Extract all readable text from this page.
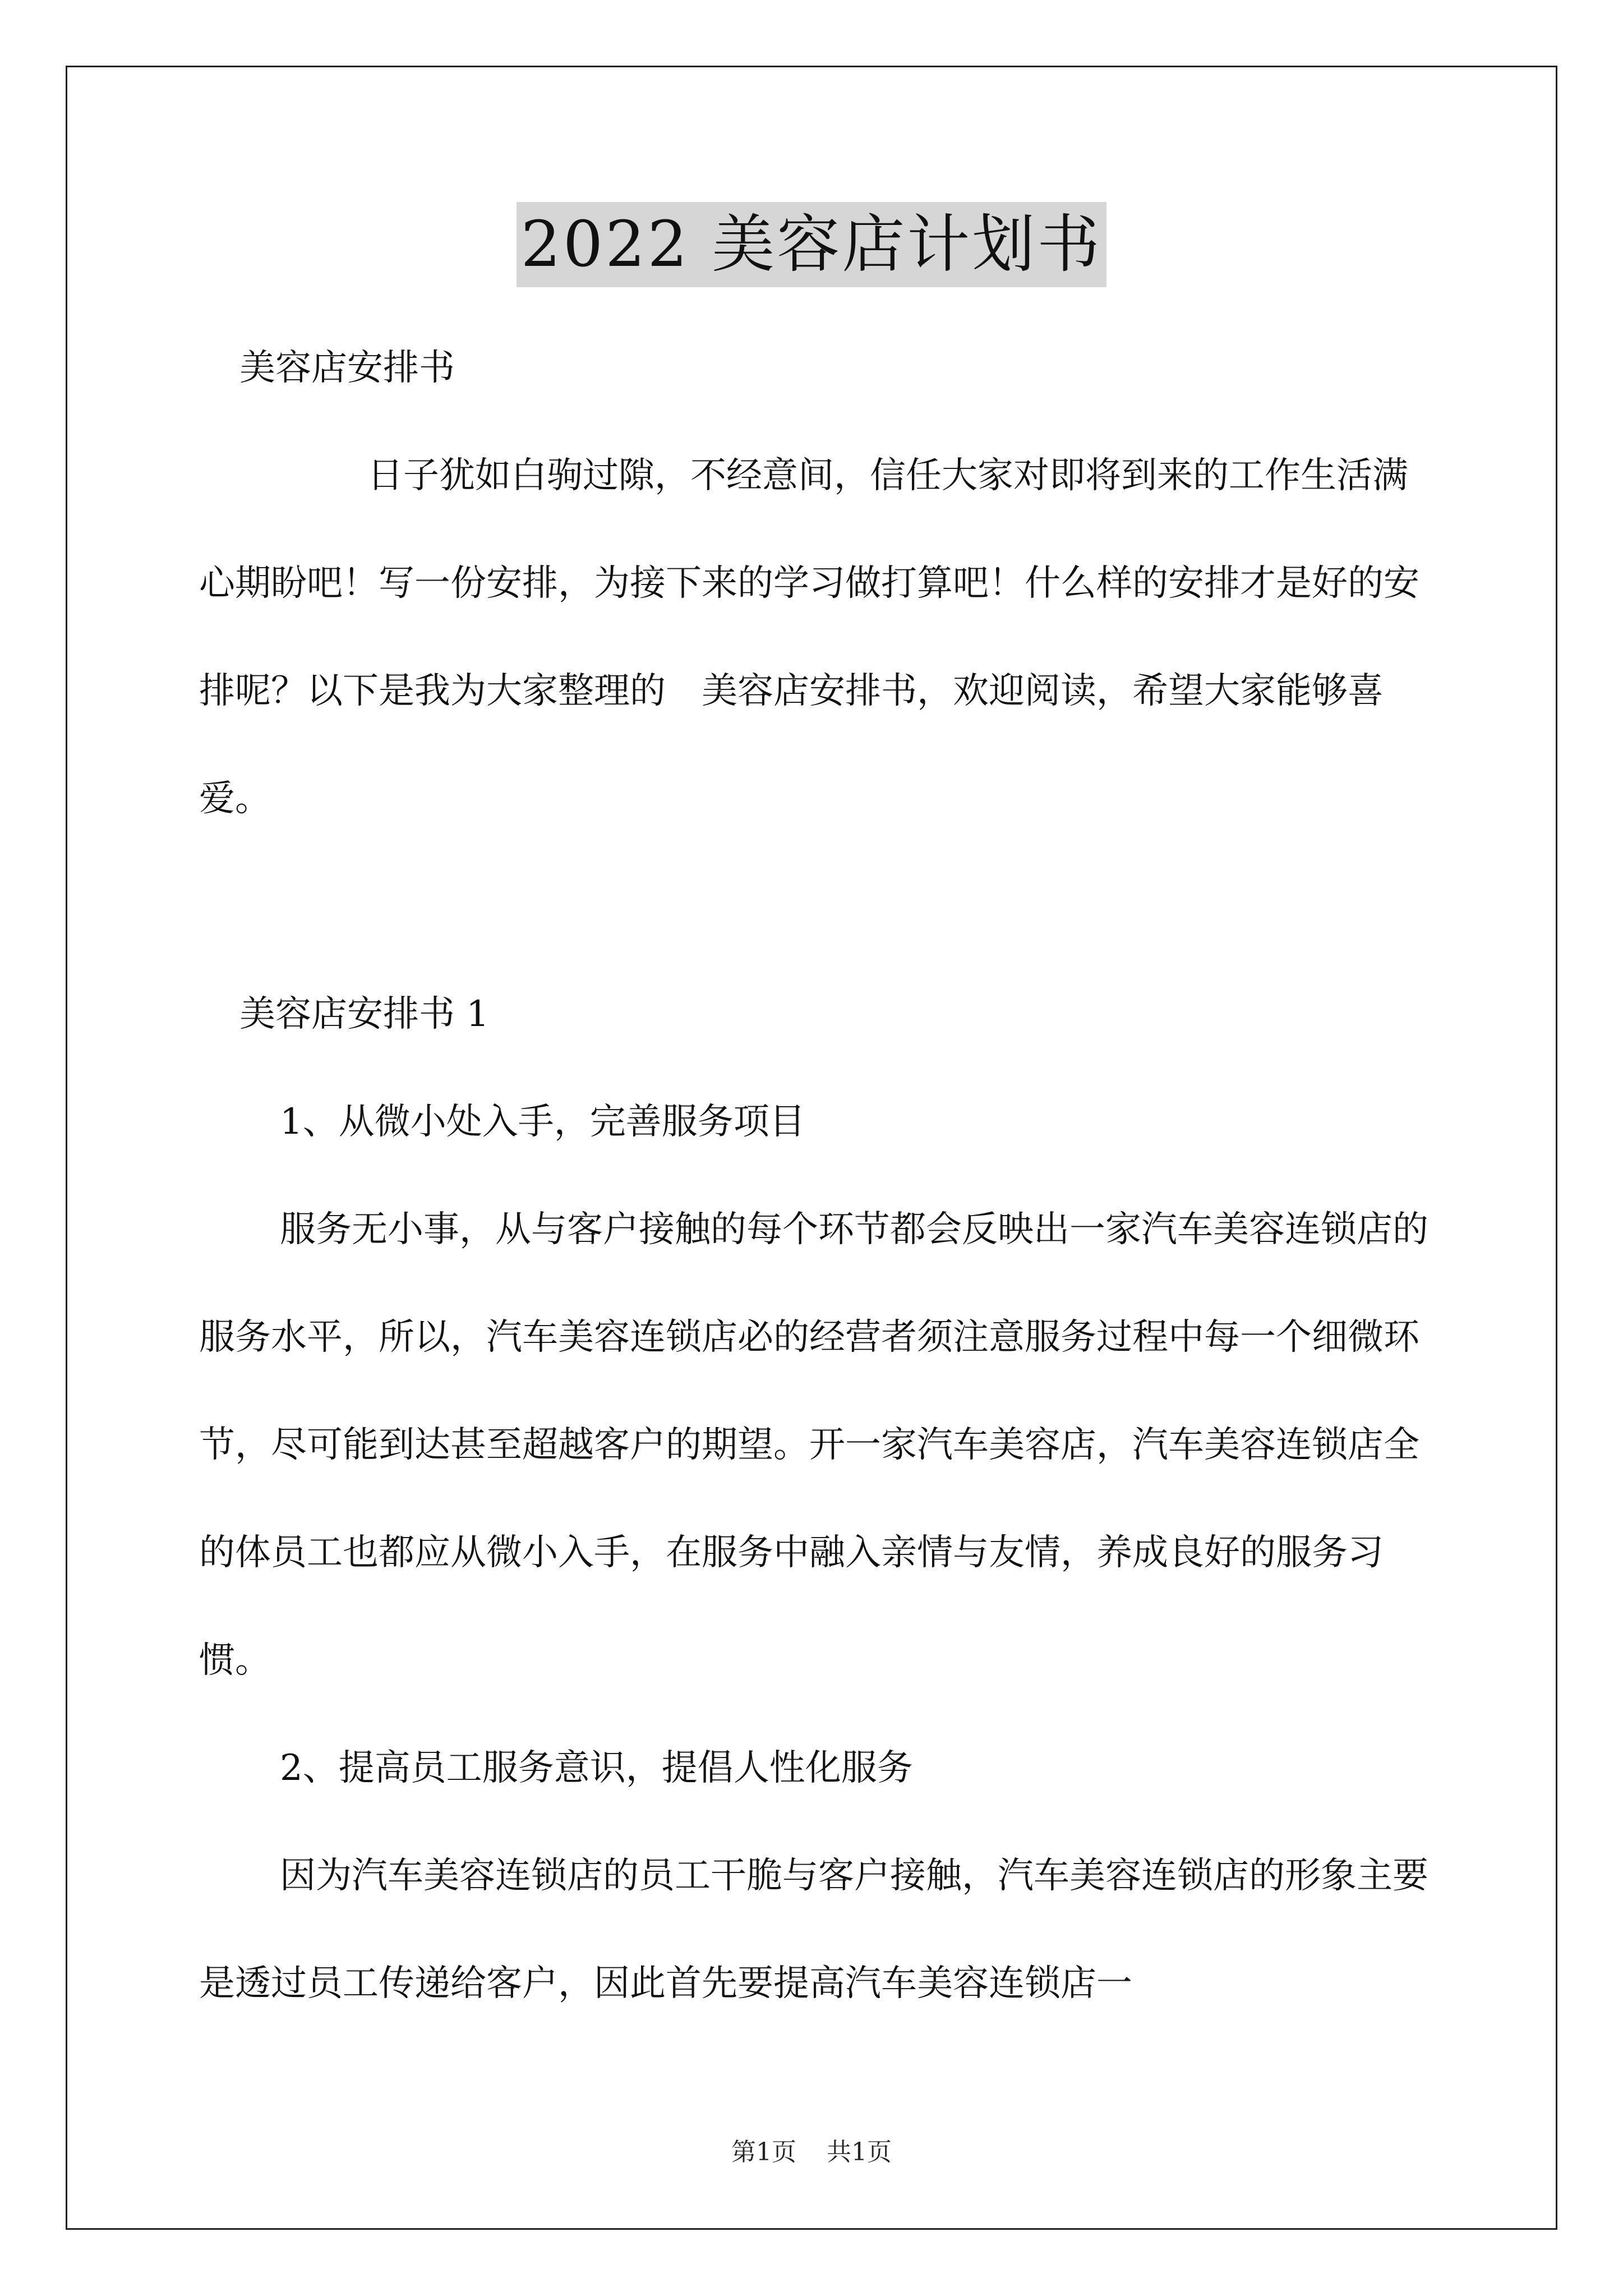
2022 美容店计划书

美容店安排书

日子犹如白驹过隙，不经意间，信任大家对即将到来的工作生活满心期盼吧！写一份安排，为接下来的学习做打算吧！什么样的安排才是好的安排呢？以下是我为大家整理的　美容店安排书，欢迎阅读，希望大家能够喜爱。

美容店安排书 1

1、从微小处入手，完善服务项目

服务无小事，从与客户接触的每个环节都会反映出一家汽车美容连锁店的服务水平，所以，汽车美容连锁店必的经营者须注意服务过程中每一个细微环节，尽可能到达甚至超越客户的期望。开一家汽车美容店，汽车美容连锁店全的体员工也都应从微小入手，在服务中融入亲情与友情，养成良好的服务习惯。

2、提高员工服务意识，提倡人性化服务

因为汽车美容连锁店的员工干脆与客户接触，汽车美容连锁店的形象主要是透过员工传递给客户，因此首先要提高汽车美容连锁店一

第1页 共1页
